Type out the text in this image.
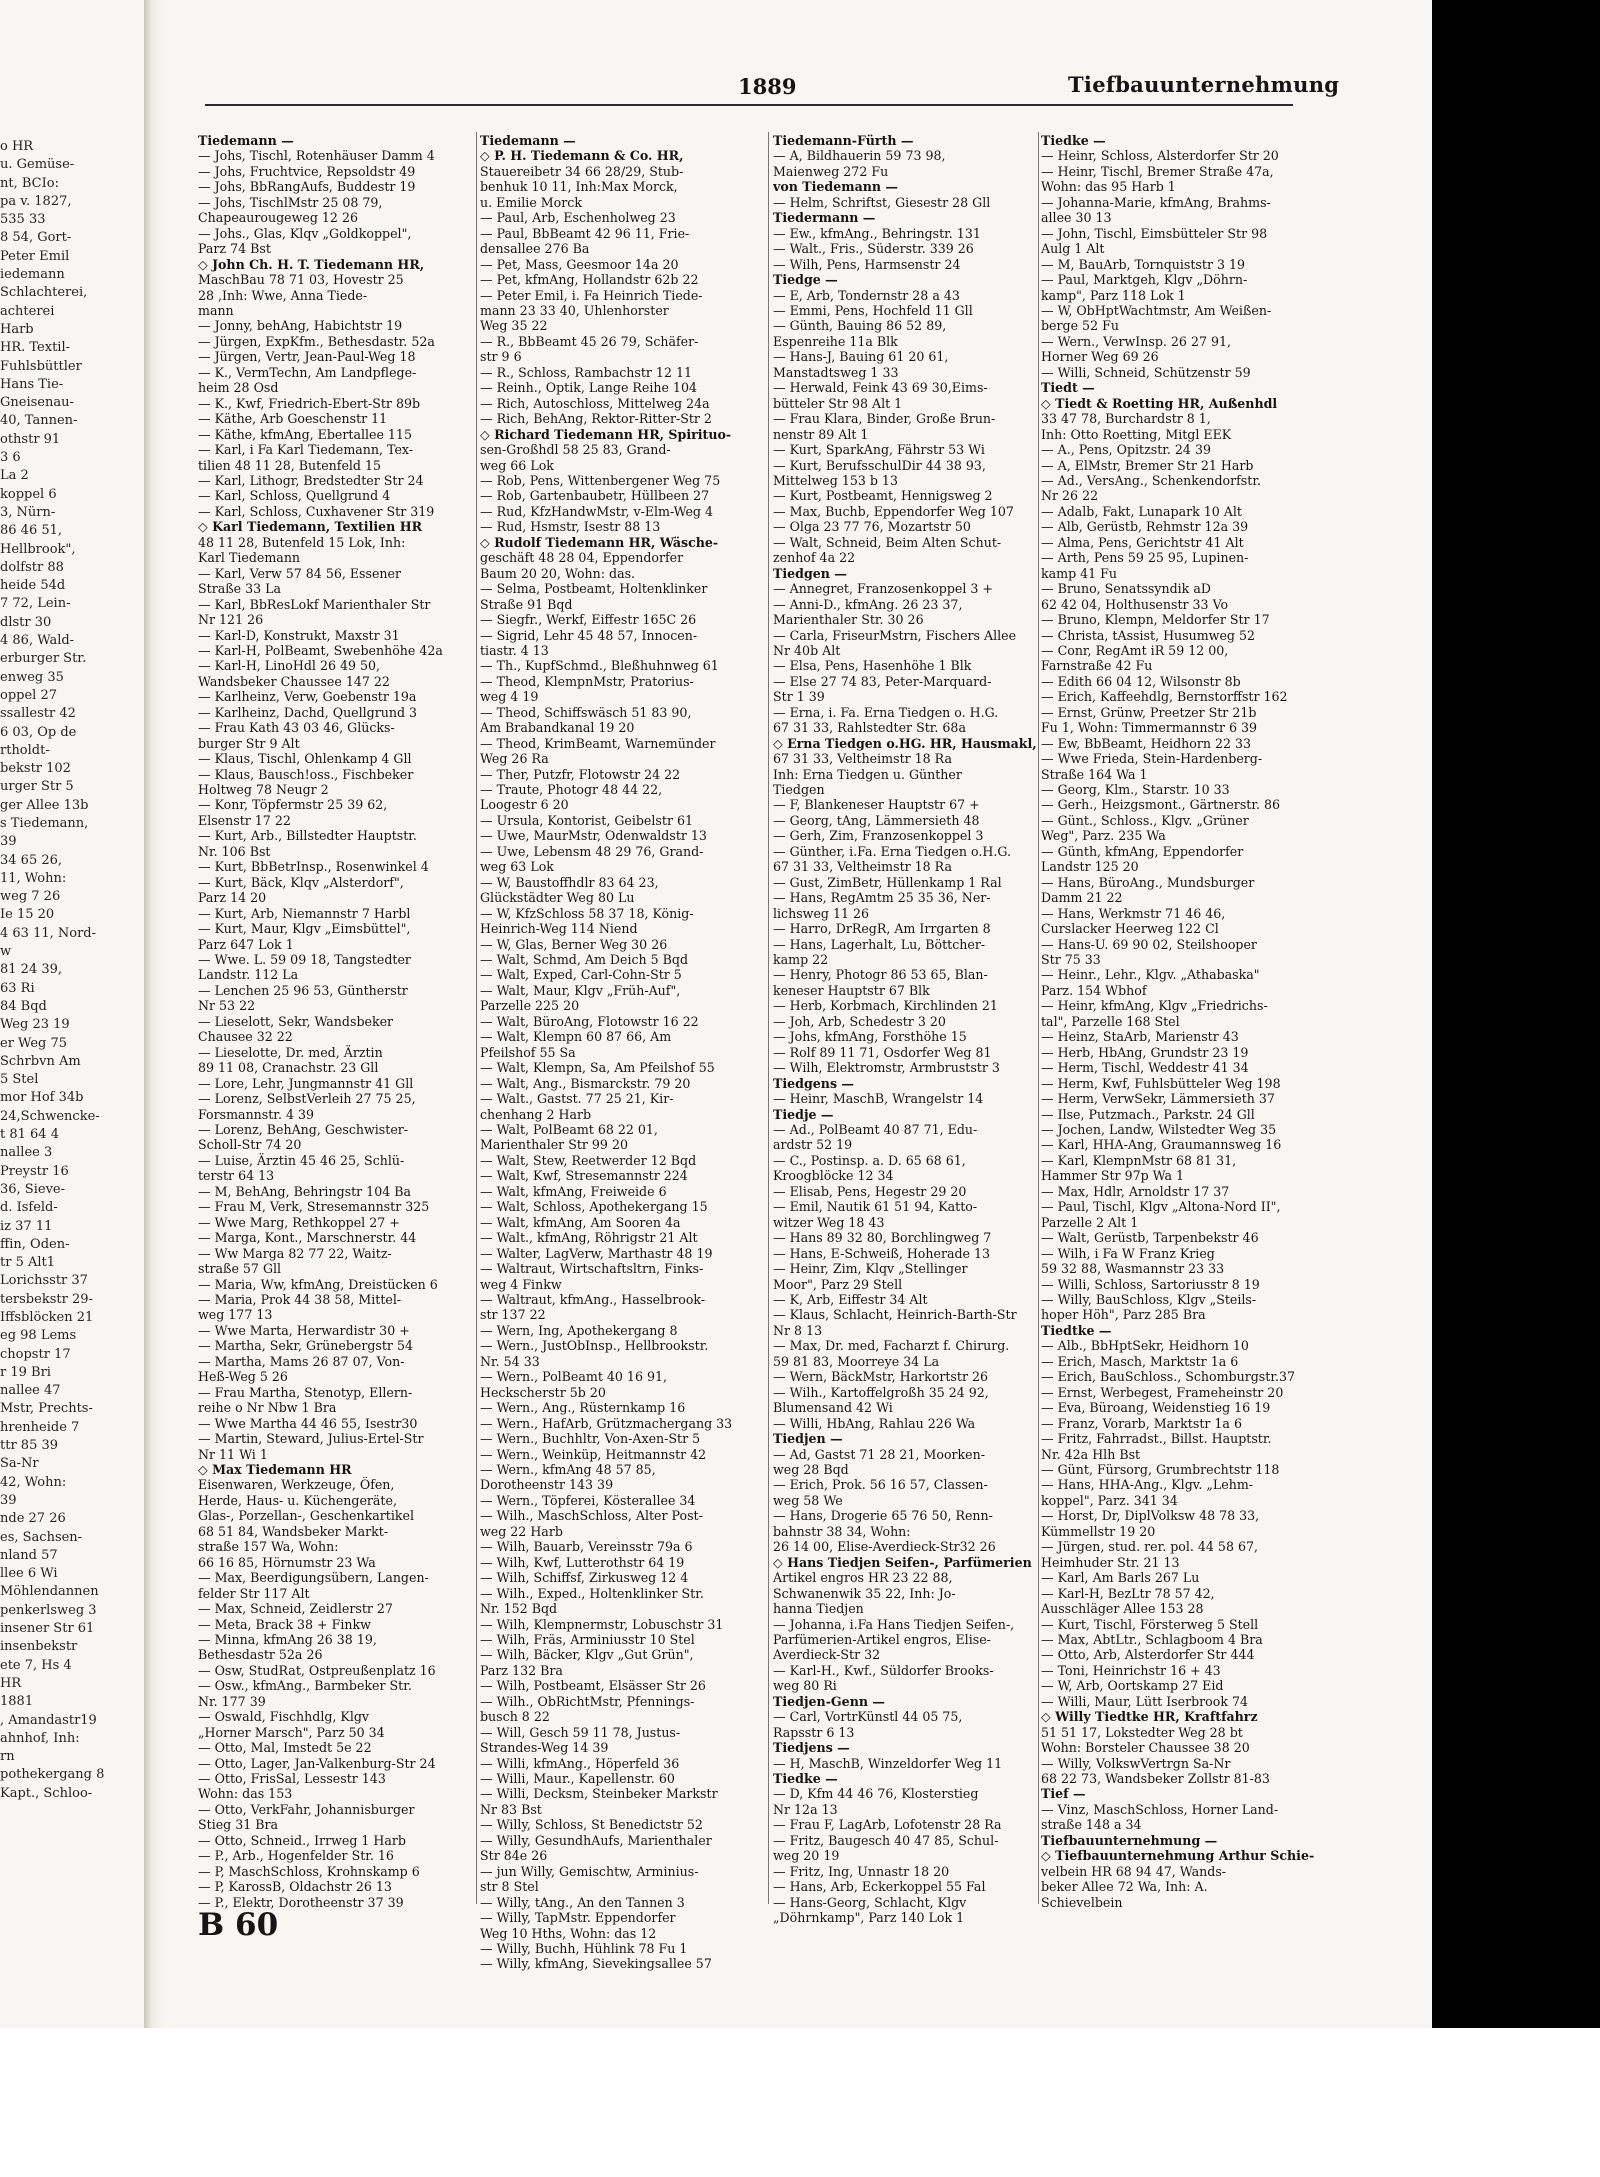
o HR
u. Gemüse-
nt, BCIo:
pa v. 1827,
535 33
8 54, Gort-
Peter Emil
iedemann
Schlachterei,
achterei
Harb
HR. Textil-
Fuhlsbüttler
Hans Tie-
Gneisenau-
40, Tannen-
othstr 91
3 6
La 2
koppel 6
3, Nürn-
86 46 51,
Hellbrook",
dolfstr 88
heide 54d
7 72, Lein-
dlstr 30
4 86, Wald-
erburger Str.
enweg 35
oppel 27
ssallestr 42
6 03, Op de
rtholdt-
bekstr 102
urger Str 5
ger Allee 13b
s Tiedemann,
39
34 65 26,
11, Wohn:
weg 7 26
Ie 15 20
4 63 11, Nord-
w
81 24 39,
63 Ri
84 Bqd
Weg 23 19
er Weg 75
Schrbvn Am
5 Stel
mor Hof 34b
24,Schwencke-
t 81 64 4
nallee 3
Preystr 16
36, Sieve-
d. Isfeld-
iz 37 11
ffin, Oden-
tr 5 Alt1
Lorichsstr 37
tersbekstr 29-
Iffsblöcken 21
eg 98 Lems
chopstr 17
r 19 Bri
nallee 47
Mstr, Prechts-
hrenheide 7
ttr 85 39
Sa-Nr
42, Wohn:
39
nde 27 26
es, Sachsen-
nland 57
llee 6 Wi
Möhlendannen
penkerlsweg 3
insener Str 61
insenbekstr
ete 7, Hs 4
HR
1881
, Amandastr19
ahnhof, Inh:
rn
pothekergang 8
Kapt., Schloo-
1889	Tiefbauunternehmung
Tiedemann —
— Johs, Tischl, Rotenhäuser Damm 4
— Johs, Fruchtvice, Repsoldstr 49
— Johs, BbRangAufs, Buddestr 19
— Johs, TischlMstr 25 08 79,
Chapeaurougeweg 12 26
— Johs., Glas, Klqv „Goldkoppel",
Parz 74 Bst
◇ John Ch. H. T. Tiedemann HR,
MaschBau 78 71 03, Hovestr 25
28 ,Inh: Wwe, Anna Tiede-
mann
— Jonny, behAng, Habichtstr 19
— Jürgen, ExpKfm., Bethesdastr. 52a
— Jürgen, Vertr, Jean-Paul-Weg 18
— K., VermTechn, Am Landpflege-
heim 28 Osd
— K., Kwf, Friedrich-Ebert-Str 89b
— Käthe, Arb Goeschenstr 11
— Käthe, kfmAng, Ebertallee 115
— Karl, i Fa Karl Tiedemann, Tex-
tilien 48 11 28, Butenfeld 15
— Karl, Lithogr, Bredstedter Str 24
— Karl, Schloss, Quellgrund 4
— Karl, Schloss, Cuxhavener Str 319
◇ Karl Tiedemann, Textilien HR
48 11 28, Butenfeld 15 Lok, Inh:
Karl Tiedemann
— Karl, Verw 57 84 56, Essener
Straße 33 La
— Karl, BbResLokf Marienthaler Str
Nr 121 26
— Karl-D, Konstrukt, Maxstr 31
— Karl-H, PolBeamt, Swebenhöhe 42a
— Karl-H, LinoHdl 26 49 50,
Wandsbeker Chaussee 147 22
— Karlheinz, Verw, Goebenstr 19a
— Karlheinz, Dachd, Quellgrund 3
— Frau Kath 43 03 46, Glücks-
burger Str 9 Alt
— Klaus, Tischl, Ohlenkamp 4 Gll
— Klaus, Bausch!oss., Fischbeker
Holtweg 78 Neugr 2
— Konr, Töpfermstr 25 39 62,
Elsenstr 17 22
— Kurt, Arb., Billstedter Hauptstr.
Nr. 106 Bst
— Kurt, BbBetrInsp., Rosenwinkel 4
— Kurt, Bäck, Klqv „Alsterdorf",
Parz 14 20
— Kurt, Arb, Niemannstr 7 Harbl
— Kurt, Maur, Klgv „Eimsbüttel",
Parz 647 Lok 1
— Wwe. L. 59 09 18, Tangstedter
Landstr. 112 La
— Lenchen 25 96 53, Güntherstr
Nr 53 22
— Lieselott, Sekr, Wandsbeker
Chausee 32 22
— Lieselotte, Dr. med, Ärztin
89 11 08, Cranachstr. 23 Gll
— Lore, Lehr, Jungmannstr 41 Gll
— Lorenz, SelbstVerleih 27 75 25,
Forsmannstr. 4 39
— Lorenz, BehAng, Geschwister-
Scholl-Str 74 20
— Luise, Ärztin 45 46 25, Schlü-
terstr 64 13
— M, BehAng, Behringstr 104 Ba
— Frau M, Verk, Stresemannstr 325
— Wwe Marg, Rethkoppel 27 +
— Marga, Kont., Marschnerstr. 44
— Ww Marga 82 77 22, Waitz-
straße 57 Gll
— Maria, Ww, kfmAng, Dreistücken 6
— Maria, Prok 44 38 58, Mittel-
weg 177 13
— Wwe Marta, Herwardistr 30 +
— Martha, Sekr, Grünebergstr 54
— Martha, Mams 26 87 07, Von-
Heß-Weg 5 26
— Frau Martha, Stenotyp, Ellern-
reihe o Nr Nbw 1 Bra
— Wwe Martha 44 46 55, Isestr30
— Martin, Steward, Julius-Ertel-Str
Nr 11 Wi 1
◇ Max Tiedemann HR
Eisenwaren, Werkzeuge, Öfen,
Herde, Haus- u. Küchengeräte,
Glas-, Porzellan-, Geschenkartikel
68 51 84, Wandsbeker Markt-
straße 157 Wa, Wohn:
66 16 85, Hörnumstr 23 Wa
— Max, Beerdigungsübern, Langen-
felder Str 117 Alt
— Max, Schneid, Zeidlerstr 27
— Meta, Brack 38 + Finkw
— Minna, kfmAng 26 38 19,
Bethesdastr 52a 26
— Osw, StudRat, Ostpreußenplatz 16
— Osw., kfmAng., Barmbeker Str.
Nr. 177 39
— Oswald, Fischhdlg, Klgv
„Horner Marsch", Parz 50 34
— Otto, Mal, Imstedt 5e 22
— Otto, Lager, Jan-Valkenburg-Str 24
— Otto, FrisSal, Lessestr 143
Wohn: das 153
— Otto, VerkFahr, Johannisburger
Stieg 31 Bra
— Otto, Schneid., Irrweg 1 Harb
— P., Arb., Hogenfelder Str. 16
— P, MaschSchloss, Krohnskamp 6
— P, KarossB, Oldachstr 26 13
— P., Elektr, Dorotheenstr 37 39
Tiedemann —
◇ P. H. Tiedemann & Co. HR,
Stauereibetr 34 66 28/29, Stub-
benhuk 10 11, Inh:Max Morck,
u. Emilie Morck
— Paul, Arb, Eschenholweg 23
— Paul, BbBeamt 42 96 11, Frie-
densallee 276 Ba
— Pet, Mass, Geesmoor 14a 20
— Pet, kfmAng, Hollandstr 62b 22
— Peter Emil, i. Fa Heinrich Tiede-
mann 23 33 40, Uhlenhorster
Weg 35 22
— R., BbBeamt 45 26 79, Schäfer-
str 9 6
— R., Schloss, Rambachstr 12 11
— Reinh., Optik, Lange Reihe 104
— Rich, Autoschloss, Mittelweg 24a
— Rich, BehAng, Rektor-Ritter-Str 2
◇ Richard Tiedemann HR, Spirituo-
sen-Großhdl 58 25 83, Grand-
weg 66 Lok
— Rob, Pens, Wittenbergener Weg 75
— Rob, Gartenbaubetr, Hüllbeen 27
— Rud, KfzHandwMstr, v-Elm-Weg 4
— Rud, Hsmstr, Isestr 88 13
◇ Rudolf Tiedemann HR, Wäsche-
geschäft 48 28 04, Eppendorfer
Baum 20 20, Wohn: das.
— Selma, Postbeamt, Holtenklinker
Straße 91 Bqd
— Siegfr., Werkf, Eiffestr 165C 26
— Sigrid, Lehr 45 48 57, Innocen-
tiastr. 4 13
— Th., KupfSchmd., Bleßhuhnweg 61
— Theod, KlempnMstr, Pratorius-
weg 4 19
— Theod, Schiffswäsch 51 83 90,
Am Brabandkanal 19 20
— Theod, KrimBeamt, Warnemünder
Weg 26 Ra
— Ther, Putzfr, Flotowstr 24 22
— Traute, Photogr 48 44 22,
Loogestr 6 20
— Ursula, Kontorist, Geibelstr 61
— Uwe, MaurMstr, Odenwaldstr 13
— Uwe, Lebensm 48 29 76, Grand-
weg 63 Lok
— W, Baustoffhdlr 83 64 23,
Glückstädter Weg 80 Lu
— W, KfzSchloss 58 37 18, König-
Heinrich-Weg 114 Niend
— W, Glas, Berner Weg 30 26
— Walt, Schmd, Am Deich 5 Bqd
— Walt, Exped, Carl-Cohn-Str 5
— Walt, Maur, Klgv „Früh-Auf",
Parzelle 225 20
— Walt, BüroAng, Flotowstr 16 22
— Walt, Klempn 60 87 66, Am
Pfeilshof 55 Sa
— Walt, Klempn, Sa, Am Pfeilshof 55
— Walt, Ang., Bismarckstr. 79 20
— Walt., Gastst. 77 25 21, Kir-
chenhang 2 Harb
— Walt, PolBeamt 68 22 01,
Marienthaler Str 99 20
— Walt, Stew, Reetwerder 12 Bqd
— Walt, Kwf, Stresemannstr 224
— Walt, kfmAng, Freiweide 6
— Walt, Schloss, Apothekergang 15
— Walt, kfmAng, Am Sooren 4a
— Walt., kfmAng, Röhrigstr 21 Alt
— Walter, LagVerw, Marthastr 48 19
— Waltraut, Wirtschaftsltrn, Finks-
weg 4 Finkw
— Waltraut, kfmAng., Hasselbrook-
str 137 22
— Wern, Ing, Apothekergang 8
— Wern., JustObInsp., Hellbrookstr.
Nr. 54 33
— Wern., PolBeamt 40 16 91,
Heckscherstr 5b 20
— Wern., Ang., Rüsternkamp 16
— Wern., HafArb, Grützmachergang 33
— Wern., Buchhltr, Von-Axen-Str 5
— Wern., Weinküp, Heitmannstr 42
— Wern., kfmAng 48 57 85,
Dorotheenstr 143 39
— Wern., Töpferei, Kösterallee 34
— Wilh., MaschSchloss, Alter Post-
weg 22 Harb
— Wilh, Bauarb, Vereinsstr 79a 6
— Wilh, Kwf, Lutterothstr 64 19
— Wilh, Schiffsf, Zirkusweg 12 4
— Wilh., Exped., Holtenklinker Str.
Nr. 152 Bqd
— Wilh, Klempnermstr, Lobuschstr 31
— Wilh, Fräs, Arminiusstr 10 Stel
— Wilh, Bäcker, Klgv „Gut Grün",
Parz 132 Bra
— Wilh, Postbeamt, Elsässer Str 26
— Wilh., ObRichtMstr, Pfennings-
busch 8 22
— Will, Gesch 59 11 78, Justus-
Strandes-Weg 14 39
— Willi, kfmAng., Höperfeld 36
— Willi, Maur., Kapellenstr. 60
— Willi, Decksm, Steinbeker Markstr
Nr 83 Bst
— Willy, Schloss, St Benedictstr 52
— Willy, GesundhAufs, Marienthaler
Str 84e 26
— jun Willy, Gemischtw, Arminius-
str 8 Stel
— Willy, tAng., An den Tannen 3
— Willy, TapMstr. Eppendorfer
Weg 10 Hths, Wohn: das 12
— Willy, Buchh, Hühlink 78 Fu 1
— Willy, kfmAng, Sievekingsallee 57
Tiedemann-Fürth —
— A, Bildhauerin 59 73 98,
Maienweg 272 Fu
von Tiedemann —
— Helm, Schriftst, Giesestr 28 Gll
Tiedermann —
— Ew., kfmAng., Behringstr. 131
— Walt., Fris., Süderstr. 339 26
— Wilh, Pens, Harmsenstr 24
Tiedge —
— E, Arb, Tondernstr 28 a 43
— Emmi, Pens, Hochfeld 11 Gll
— Günth, Bauing 86 52 89,
Espenreihe 11a Blk
— Hans-J, Bauing 61 20 61,
Manstadtsweg 1 33
— Herwald, Feink 43 69 30,Eims-
bütteler Str 98 Alt 1
— Frau Klara, Binder, Große Brun-
nenstr 89 Alt 1
— Kurt, SparkAng, Fährstr 53 Wi
— Kurt, BerufsschulDir 44 38 93,
Mittelweg 153 b 13
— Kurt, Postbeamt, Hennigsweg 2
— Max, Buchb, Eppendorfer Weg 107
— Olga 23 77 76, Mozartstr 50
— Walt, Schneid, Beim Alten Schut-
zenhof 4a 22
Tiedgen —
— Annegret, Franzosenkoppel 3 +
— Anni-D., kfmAng. 26 23 37,
Marienthaler Str. 30 26
— Carla, FriseurMstrn, Fischers Allee
Nr 40b Alt
— Elsa, Pens, Hasenhöhe 1 Blk
— Else 27 74 83, Peter-Marquard-
Str 1 39
— Erna, i. Fa. Erna Tiedgen o. H.G.
67 31 33, Rahlstedter Str. 68a
◇ Erna Tiedgen o.HG. HR, Hausmakl,
67 31 33, Veltheimstr 18 Ra
Inh: Erna Tiedgen u. Günther
Tiedgen
— F, Blankeneser Hauptstr 67 +
— Georg, tAng, Lämmersieth 48
— Gerh, Zim, Franzosenkoppel 3
— Günther, i.Fa. Erna Tiedgen o.H.G.
67 31 33, Veltheimstr 18 Ra
— Gust, ZimBetr, Hüllenkamp 1 Ral
— Hans, RegAmtm 25 35 36, Ner-
lichsweg 11 26
— Harro, DrRegR, Am Irrgarten 8
— Hans, Lagerhalt, Lu, Böttcher-
kamp 22
— Henry, Photogr 86 53 65, Blan-
keneser Hauptstr 67 Blk
— Herb, Korbmach, Kirchlinden 21
— Joh, Arb, Schedestr 3 20
— Johs, kfmAng, Forsthöhe 15
— Rolf 89 11 71, Osdorfer Weg 81
— Wilh, Elektromstr, Armbruststr 3
Tiedgens —
— Heinr, MaschB, Wrangelstr 14
Tiedje —
— Ad., PolBeamt 40 87 71, Edu-
ardstr 52 19
— C., Postinsp. a. D. 65 68 61,
Kroogblöcke 12 34
— Elisab, Pens, Hegestr 29 20
— Emil, Nautik 61 51 94, Katto-
witzer Weg 18 43
— Hans 89 32 80, Borchlingweg 7
— Hans, E-Schweiß, Hoherade 13
— Heinr, Zim, Klqv „Stellinger
Moor", Parz 29 Stell
— K, Arb, Eiffestr 34 Alt
— Klaus, Schlacht, Heinrich-Barth-Str
Nr 8 13
— Max, Dr. med, Facharzt f. Chirurg.
59 81 83, Moorreye 34 La
— Wern, BäckMstr, Harkortstr 26
— Wilh., Kartoffelgroßh 35 24 92,
Blumensand 42 Wi
— Willi, HbAng, Rahlau 226 Wa
Tiedjen —
— Ad, Gastst 71 28 21, Moorken-
weg 28 Bqd
— Erich, Prok. 56 16 57, Classen-
weg 58 We
— Hans, Drogerie 65 76 50, Renn-
bahnstr 38 34, Wohn:
26 14 00, Elise-Averdieck-Str32 26
◇ Hans Tiedjen Seifen-, Parfümerien
Artikel engros HR 23 22 88,
Schwanenwik 35 22, Inh: Jo-
hanna Tiedjen
— Johanna, i.Fa Hans Tiedjen Seifen-,
Parfümerien-Artikel engros, Elise-
Averdieck-Str 32
— Karl-H., Kwf., Süldorfer Brooks-
weg 80 Ri
Tiedjen-Genn —
— Carl, VortrKünstl 44 05 75,
Rapsstr 6 13
Tiedjens —
— H, MaschB, Winzeldorfer Weg 11
Tiedke —
— D, Kfm 44 46 76, Klosterstieg
Nr 12a 13
— Frau F, LagArb, Lofotenstr 28 Ra
— Fritz, Baugesch 40 47 85, Schul-
weg 20 19
— Fritz, Ing, Unnastr 18 20
— Hans, Arb, Eckerkoppel 55 Fal
— Hans-Georg, Schlacht, Klgv
„Döhrnkamp", Parz 140 Lok 1
Tiedke —
— Heinr, Schloss, Alsterdorfer Str 20
— Heinr, Tischl, Bremer Straße 47a,
Wohn: das 95 Harb 1
— Johanna-Marie, kfmAng, Brahms-
allee 30 13
— John, Tischl, Eimsbütteler Str 98
Aulg 1 Alt
— M, BauArb, Tornquiststr 3 19
— Paul, Marktgeh, Klgv „Döhrn-
kamp", Parz 118 Lok 1
— W, ObHptWachtmstr, Am Weißen-
berge 52 Fu
— Wern., VerwInsp. 26 27 91,
Horner Weg 69 26
— Willi, Schneid, Schützenstr 59
Tiedt —
◇ Tiedt & Roetting HR, Außenhdl
33 47 78, Burchardstr 8 1,
Inh: Otto Roetting, Mitgl EEK
— A., Pens, Opitzstr. 24 39
— A, ElMstr, Bremer Str 21 Harb
— Ad., VersAng., Schenkendorfstr.
Nr 26 22
— Adalb, Fakt, Lunapark 10 Alt
— Alb, Gerüstb, Rehmstr 12a 39
— Alma, Pens, Gerichtstr 41 Alt
— Arth, Pens 59 25 95, Lupinen-
kamp 41 Fu
— Bruno, Senatssyndik aD
62 42 04, Holthusenstr 33 Vo
— Bruno, Klempn, Meldorfer Str 17
— Christa, tAssist, Husumweg 52
— Conr, RegAmt iR 59 12 00,
Farnstraße 42 Fu
— Edith 66 04 12, Wilsonstr 8b
— Erich, Kaffeehdlg, Bernstorffstr 162
— Ernst, Grünw, Preetzer Str 21b
Fu 1, Wohn: Timmermannstr 6 39
— Ew, BbBeamt, Heidhorn 22 33
— Wwe Frieda, Stein-Hardenberg-
Straße 164 Wa 1
— Georg, Klm., Starstr. 10 33
— Gerh., Heizgsmont., Gärtnerstr. 86
— Günt., Schloss., Klgv. „Grüner
Weg", Parz. 235 Wa
— Günth, kfmAng, Eppendorfer
Landstr 125 20
— Hans, BüroAng., Mundsburger
Damm 21 22
— Hans, Werkmstr 71 46 46,
Curslacker Heerweg 122 Cl
— Hans-U. 69 90 02, Steilshooper
Str 75 33
— Heinr., Lehr., Klgv. „Athabaska"
Parz. 154 Wbhof
— Heinr, kfmAng, Klgv „Friedrichs-
tal", Parzelle 168 Stel
— Heinz, StaArb, Marienstr 43
— Herb, HbAng, Grundstr 23 19
— Herm, Tischl, Weddestr 41 34
— Herm, Kwf, Fuhlsbütteler Weg 198
— Herm, VerwSekr, Lämmersieth 37
— Ilse, Putzmach., Parkstr. 24 Gll
— Jochen, Landw, Wilstedter Weg 35
— Karl, HHA-Ang, Graumannsweg 16
— Karl, KlempnMstr 68 81 31,
Hammer Str 97p Wa 1
— Max, Hdlr, Arnoldstr 17 37
— Paul, Tischl, Klgv „Altona-Nord II",
Parzelle 2 Alt 1
— Walt, Gerüstb, Tarpenbekstr 46
— Wilh, i Fa W Franz Krieg
59 32 88, Wasmannstr 23 33
— Willi, Schloss, Sartoriusstr 8 19
— Willy, BauSchloss, Klgv „Steils-
hoper Höh", Parz 285 Bra
Tiedtke —
— Alb., BbHptSekr, Heidhorn 10
— Erich, Masch, Marktstr 1a 6
— Erich, BauSchloss., Schomburgstr.37
— Ernst, Werbegest, Frameheinstr 20
— Eva, Büroang, Weidenstieg 16 19
— Franz, Vorarb, Marktstr 1a 6
— Fritz, Fahrradst., Billst. Hauptstr.
Nr. 42a Hlh Bst
— Günt, Fürsorg, Grumbrechtstr 118
— Hans, HHA-Ang., Klgv. „Lehm-
koppel", Parz. 341 34
— Horst, Dr, DiplVolksw 48 78 33,
Kümmellstr 19 20
— Jürgen, stud. rer. pol. 44 58 67,
Heimhuder Str. 21 13
— Karl, Am Barls 267 Lu
— Karl-H, BezLtr 78 57 42,
Ausschläger Allee 153 28
— Kurt, Tischl, Försterweg 5 Stell
— Max, AbtLtr., Schlagboom 4 Bra
— Otto, Arb, Alsterdorfer Str 444
— Toni, Heinrichstr 16 + 43
— W, Arb, Oortskamp 27 Eid
— Willi, Maur, Lütt Iserbrook 74
◇ Willy Tiedtke HR, Kraftfahrz
51 51 17, Lokstedter Weg 28 bt
Wohn: Borsteler Chaussee 38 20
— Willy, VolkswVertrgn Sa-Nr
68 22 73, Wandsbeker Zollstr 81-83
Tief —
— Vinz, MaschSchloss, Horner Land-
straße 148 a 34
Tiefbauunternehmung —
◇ Tiefbauunternehmung Arthur Schie-
velbein HR 68 94 47, Wands-
beker Allee 72 Wa, Inh: A.
Schievelbein
B 60
